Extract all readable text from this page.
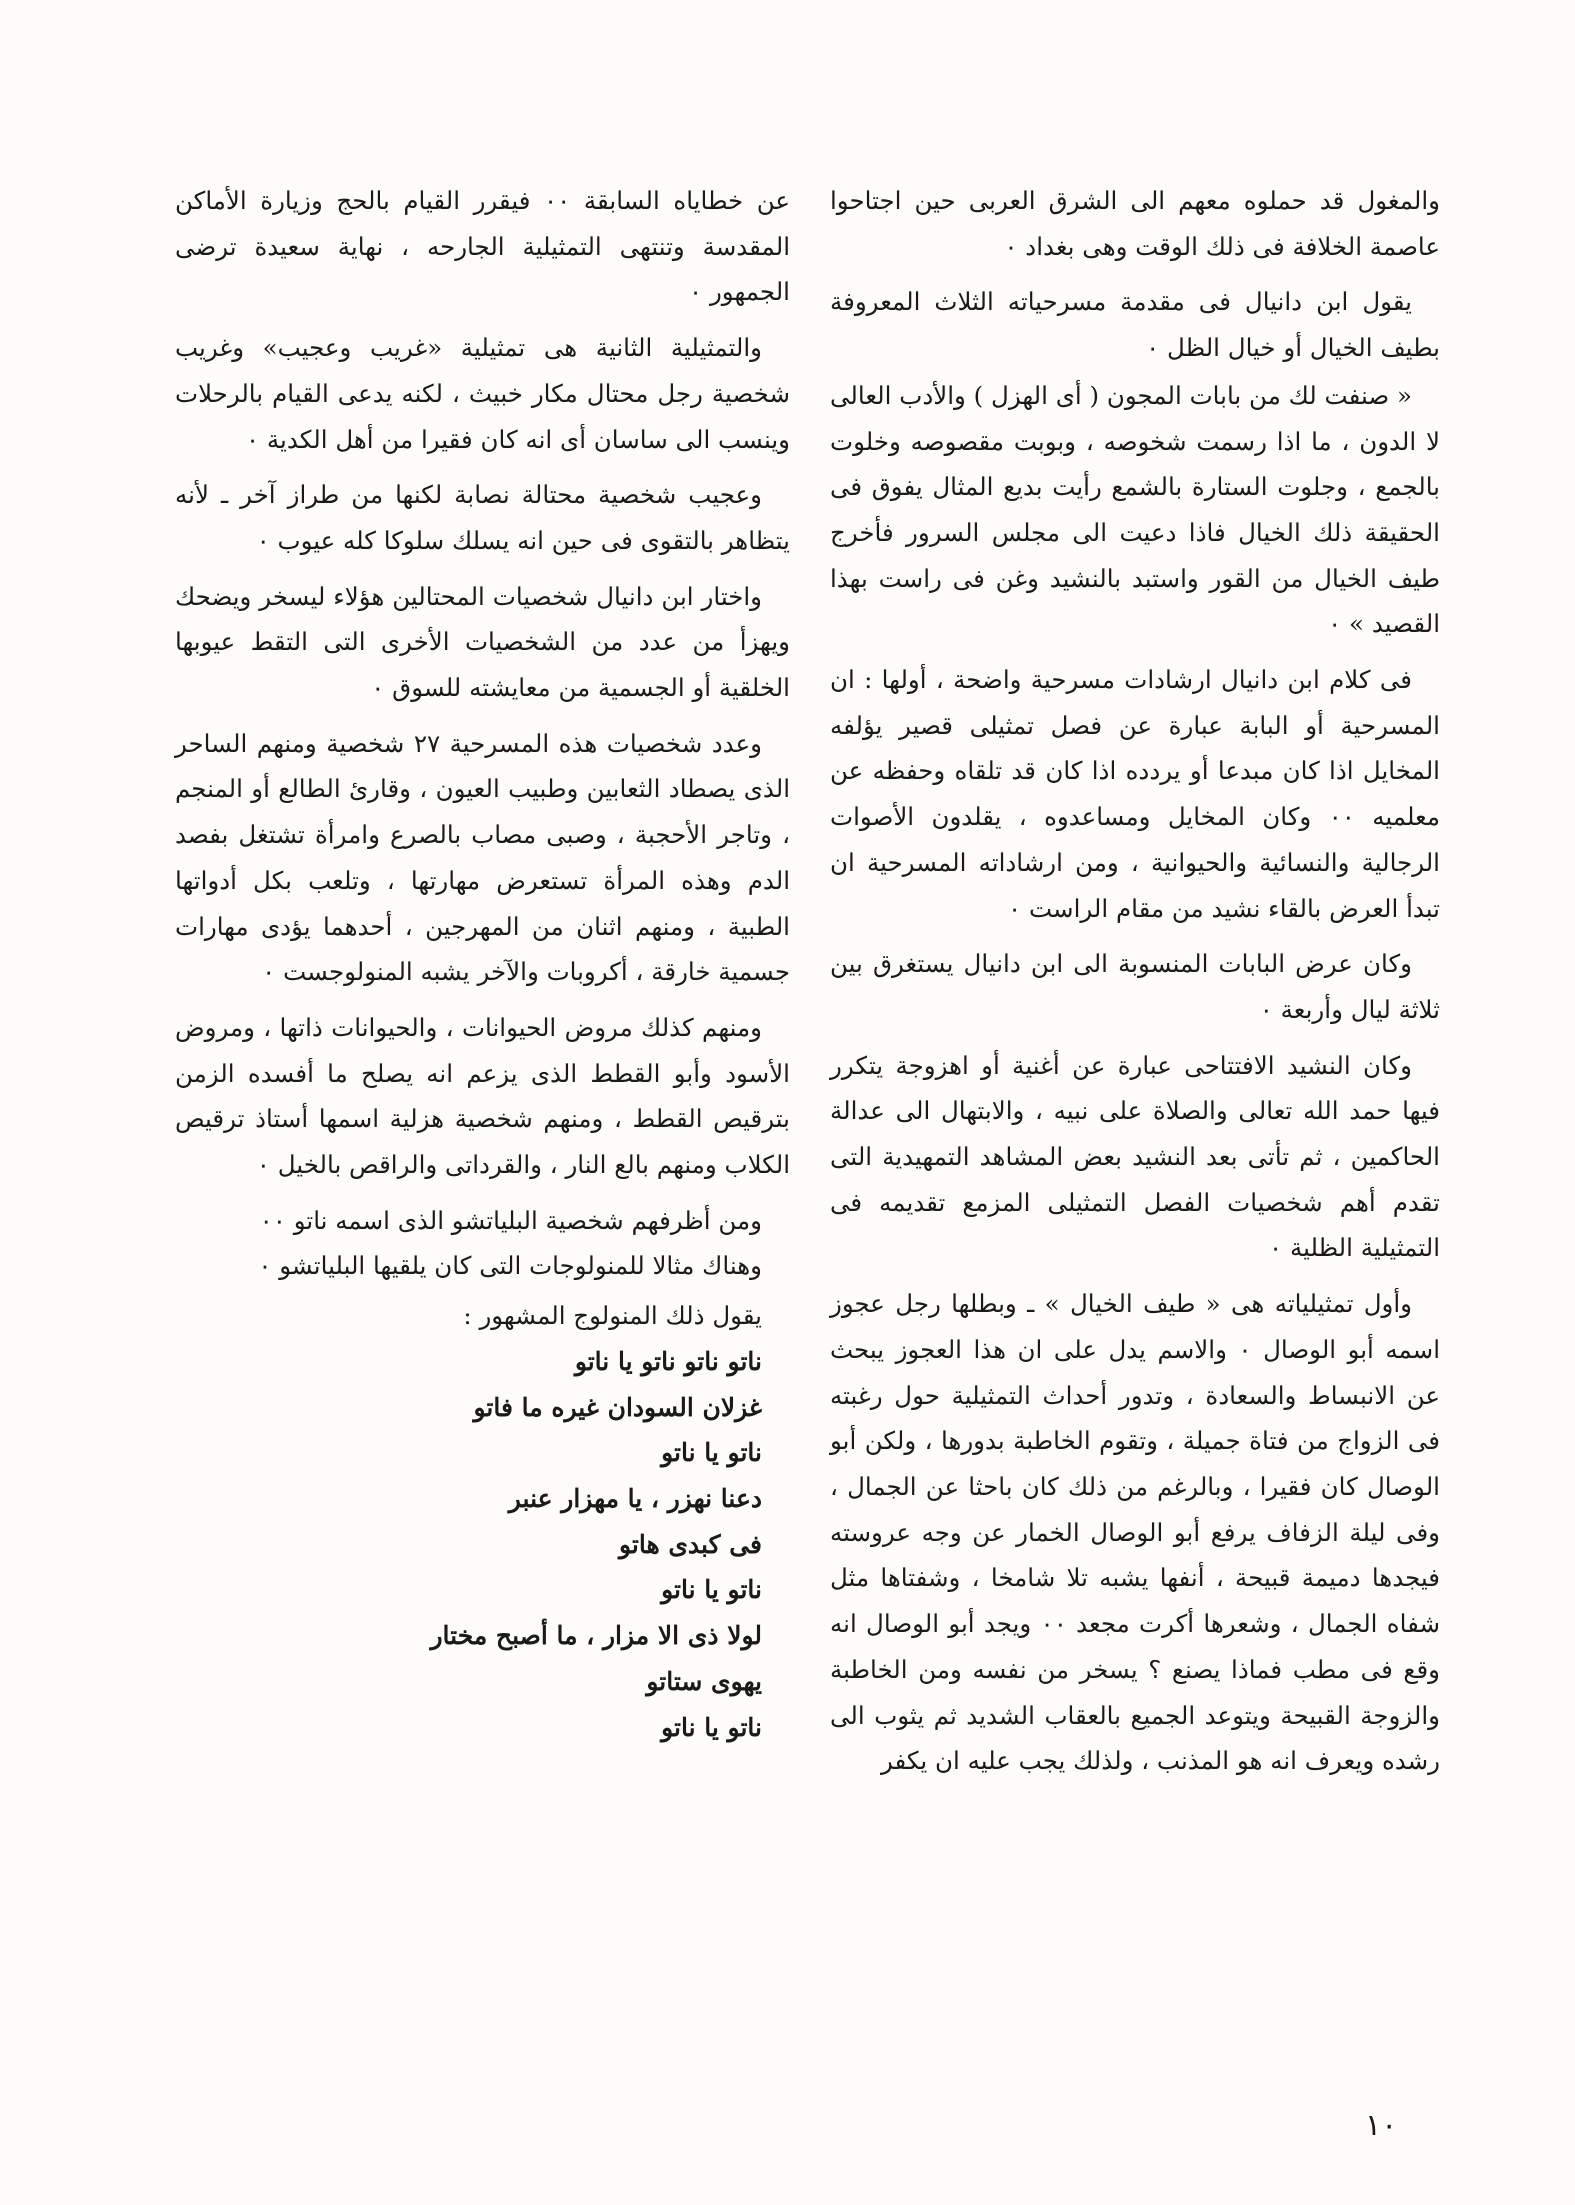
والمغول قد حملوه معهم الى الشرق العربى حين اجتاحوا عاصمة الخلافة فى ذلك الوقت وهى بغداد ٠

يقول ابن دانيال فى مقدمة مسرحياته الثلاث المعروفة بطيف الخيال أو خيال الظل ٠

« صنفت لك من بابات المجون ( أى الهزل ) والأدب العالى لا الدون ، ما اذا رسمت شخوصه ، وبوبت مقصوصه وخلوت بالجمع ، وجلوت الستارة بالشمع رأيت بديع المثال يفوق فى الحقيقة ذلك الخيال فاذا دعيت الى مجلس السرور فأخرج طيف الخيال من القور واستبد بالنشيد وغن فى راست بهذا القصيد » ٠

فى كلام ابن دانيال ارشادات مسرحية واضحة ، أولها : ان المسرحية أو البابة عبارة عن فصل تمثيلى قصير يؤلفه المخايل اذا كان مبدعا أو يردده اذا كان قد تلقاه وحفظه عن معلميه ٠٠ وكان المخايل ومساعدوه ، يقلدون الأصوات الرجالية والنسائية والحيوانية ، ومن ارشاداته المسرحية ان تبدأ العرض بالقاء نشيد من مقام الراست ٠

وكان عرض البابات المنسوبة الى ابن دانيال يستغرق بين ثلاثة ليال وأربعة ٠

وكان النشيد الافتتاحى عبارة عن أغنية أو اهزوجة يتكرر فيها حمد الله تعالى والصلاة على نبيه ، والابتهال الى عدالة الحاكمين ، ثم تأتى بعد النشيد بعض المشاهد التمهيدية التى تقدم أهم شخصيات الفصل التمثيلى المزمع تقديمه فى التمثيلية الظلية ٠

وأول تمثيلياته هى « طيف الخيال » ـ وبطلها رجل عجوز اسمه أبو الوصال ٠ والاسم يدل على ان هذا العجوز يبحث عن الانبساط والسعادة ، وتدور أحداث التمثيلية حول رغبته فى الزواج من فتاة جميلة ، وتقوم الخاطبة بدورها ، ولكن أبو الوصال كان فقيرا ، وبالرغم من ذلك كان باحثا عن الجمال ، وفى ليلة الزفاف يرفع أبو الوصال الخمار عن وجه عروسته فيجدها دميمة قبيحة ، أنفها يشبه تلا شامخا ، وشفتاها مثل شفاه الجمال ، وشعرها أكرت مجعد ٠٠ ويجد أبو الوصال انه وقع فى مطب فماذا يصنع ؟ يسخر من نفسه ومن الخاطبة والزوجة القبيحة ويتوعد الجميع بالعقاب الشديد ثم يثوب الى رشده ويعرف انه هو المذنب ، ولذلك يجب عليه ان يكفر

عن خطاياه السابقة ٠٠ فيقرر القيام بالحج وزيارة الأماكن المقدسة وتنتهى التمثيلية الجارحه ، نهاية سعيدة ترضى الجمهور ٠

والتمثيلية الثانية هى تمثيلية «غريب وعجيب» وغريب شخصية رجل محتال مكار خبيث ، لكنه يدعى القيام بالرحلات وينسب الى ساسان أى انه كان فقيرا من أهل الكدية ٠

وعجيب شخصية محتالة نصابة لكنها من طراز آخر ـ لأنه يتظاهر بالتقوى فى حين انه يسلك سلوكا كله عيوب ٠

واختار ابن دانيال شخصيات المحتالين هؤلاء ليسخر ويضحك ويهزأ من عدد من الشخصيات الأخرى التى التقط عيوبها الخلقية أو الجسمية من معايشته للسوق ٠

وعدد شخصيات هذه المسرحية ٢٧ شخصية ومنهم الساحر الذى يصطاد الثعابين وطبيب العيون ، وقارئ الطالع أو المنجم ، وتاجر الأحجبة ، وصبى مصاب بالصرع وامرأة تشتغل بفصد الدم وهذه المرأة تستعرض مهارتها ، وتلعب بكل أدواتها الطبية ، ومنهم اثنان من المهرجين ، أحدهما يؤدى مهارات جسمية خارقة ، أكروبات والآخر يشبه المنولوجست ٠

ومنهم كذلك مروض الحيوانات ، والحيوانات ذاتها ، ومروض الأسود وأبو القطط الذى يزعم انه يصلح ما أفسده الزمن بترقيص القطط ، ومنهم شخصية هزلية اسمها أستاذ ترقيص الكلاب ومنهم بالع النار ، والقرداتى والراقص بالخيل ٠

ومن أظرفهم شخصية البلياتشو الذى اسمه ناتو ٠٠

وهناك مثالا للمنولوجات التى كان يلقيها البلياتشو ٠

يقول ذلك المنولوج المشهور :

ناتو ناتو ناتو يا ناتو
غزلان السودان غيره ما فاتو
ناتو يا ناتو
دعنا نهزر ، يا مهزار عنبر
فى كبدى هاتو
ناتو يا ناتو
لولا ذى الا مزار ، ما أصبح مختار
يهوى ستاتو
ناتو يا ناتو
١٠
